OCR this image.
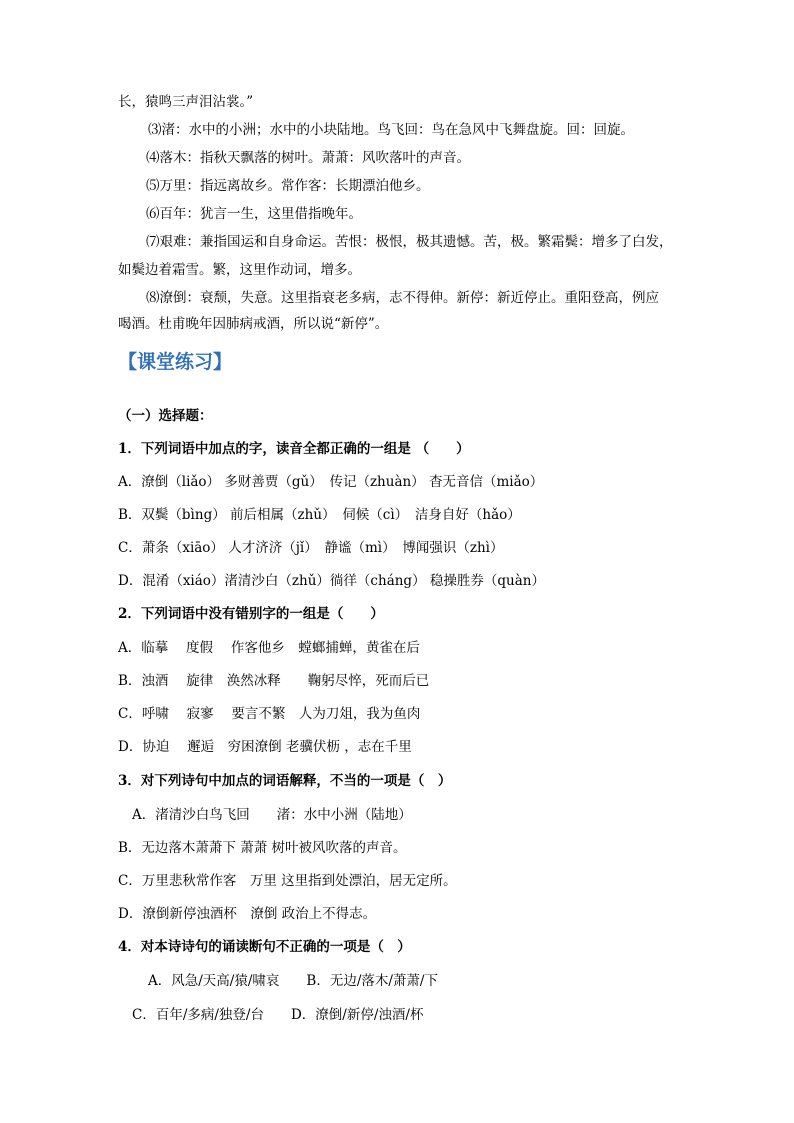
长，猿鸣三声泪沾裳。”
⑶渚：水中的小洲；水中的小块陆地。鸟飞回：鸟在急风中飞舞盘旋。回：回旋。
⑷落木：指秋天飘落的树叶。萧萧：风吹落叶的声音。
⑸万里：指远离故乡。常作客：长期漂泊他乡。
⑹百年：犹言一生，这里借指晚年。
⑺艰难：兼指国运和自身命运。苦恨：极恨，极其遗憾。苦，极。繁霜鬓：增多了白发，
如鬓边着霜雪。繁，这里作动词，增多。
⑻潦倒：衰颓，失意。这里指衰老多病，志不得伸。新停：新近停止。重阳登高，例应
喝酒。杜甫晚年因肺病戒酒，所以说“新停”。
【课堂练习】
（一）选择题：
1．下列词语中加点的字，读音全都正确的一组是 （　　）
A．潦倒（liǎo） 多财善贾（gǔ）　传记（zhuàn） 杳无音信（miǎo）
B．双鬓（bìng） 前后相属（zhǔ）　伺候（cì）　洁身自好（hǎo）
C．萧条（xiāo） 人才济济（jǐ）　静谧（mì）　博闻强识（zhì）
D．混淆（xiáo）渚清沙白（zhǔ）徜徉（cháng） 稳操胜券（quàn）
2．下列词语中没有错别字的一组是（　　）
A．临摹　 度假　 作客他乡　螳螂捕蝉，黄雀在后
B．浊酒　 旋律　涣然冰释　　鞠躬尽悴，死而后已
C．呼啸　 寂寥　 要言不繁　人为刀俎，我为鱼肉
D．协迫　 邂逅　穷困潦倒 老骥伏枥 ，志在千里
3．对下列诗句中加点的词语解释，不当的一项是（　）
A．渚清沙白鸟飞回　　渚：水中小洲（陆地）
B．无边落木萧萧下 萧萧 树叶被风吹落的声音。
C．万里悲秋常作客　万里 这里指到处漂泊，居无定所。
D．潦倒新停浊酒杯　潦倒 政治上不得志。
4．对本诗诗句的诵读断句不正确的一项是（　）
A．风急/天高/猿/啸哀　　B．无边/落木/萧萧/下
C．百年/多病/独登/台　　D．潦倒/新停/浊酒/杯
